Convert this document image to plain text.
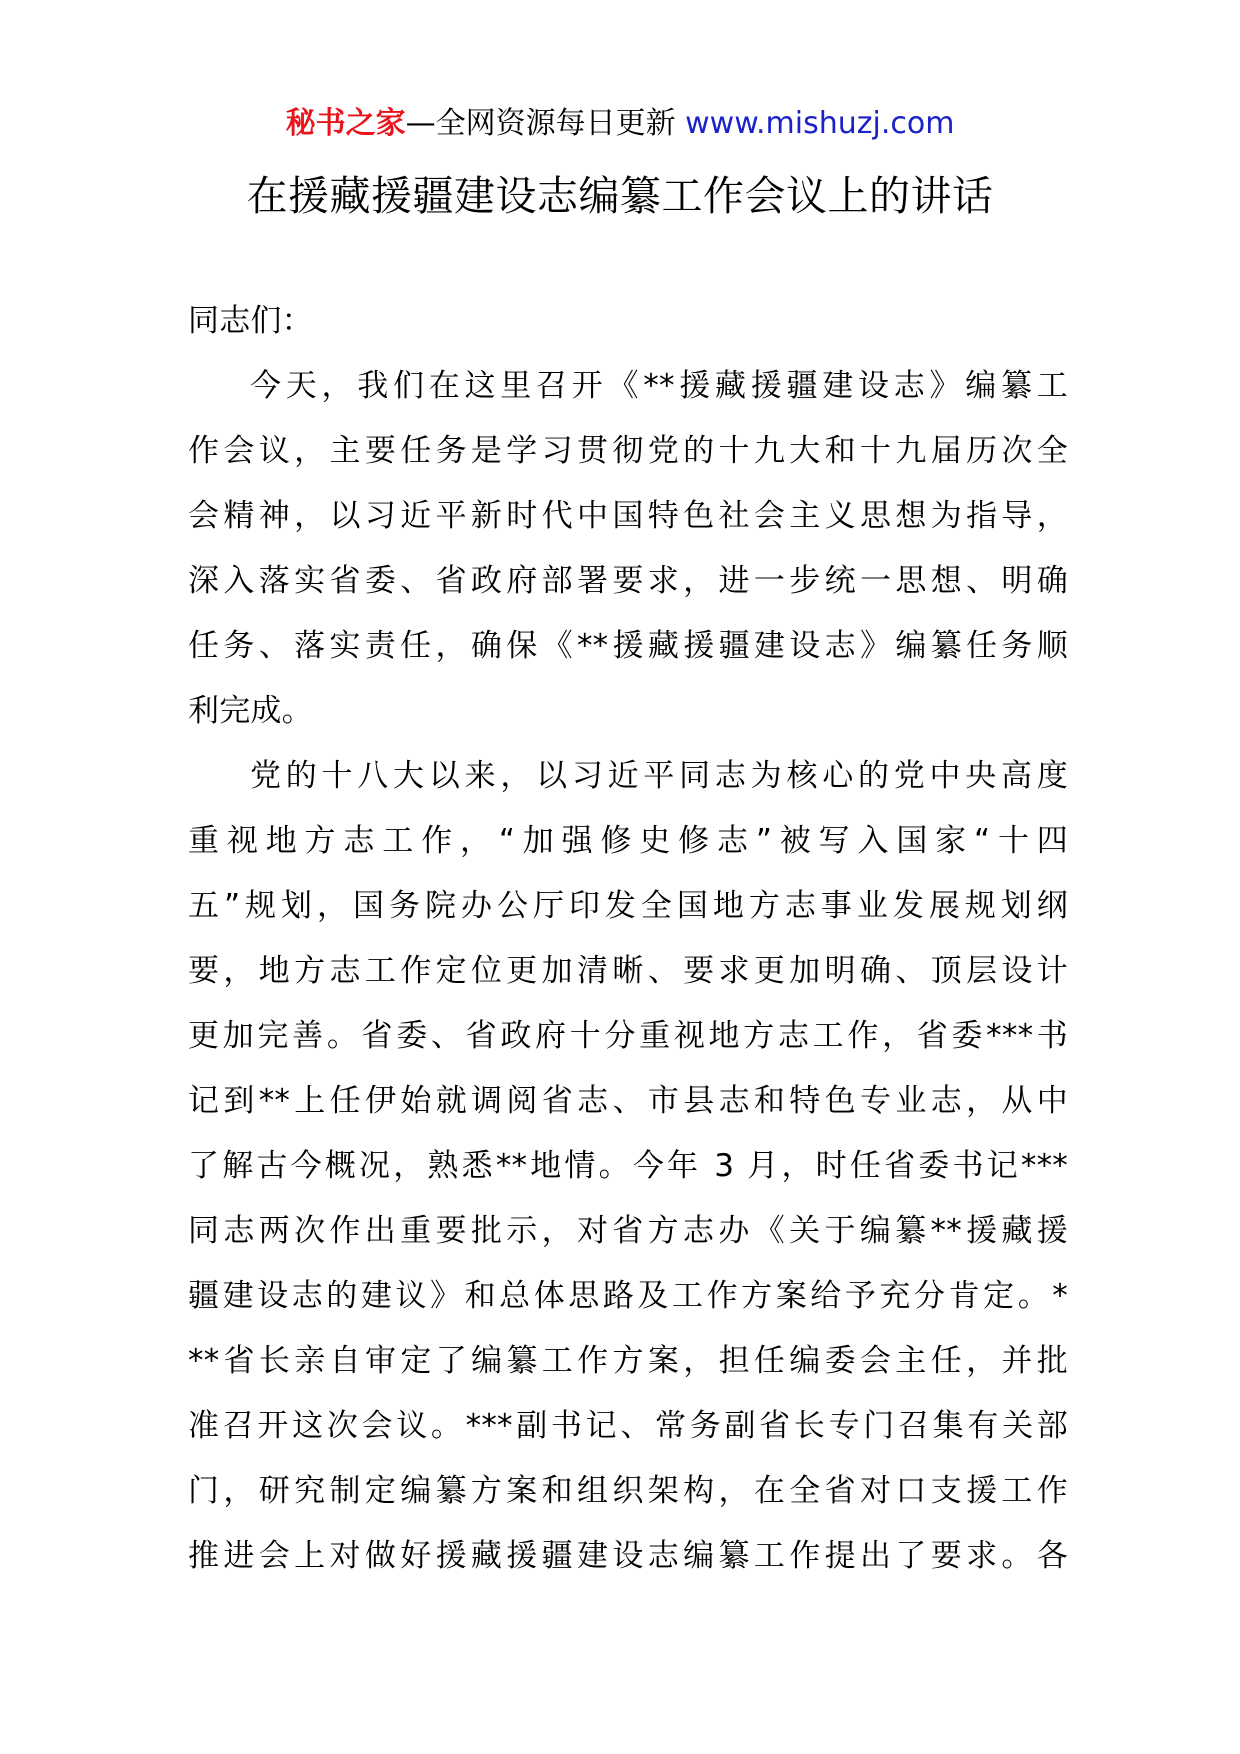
秘书之家—全网资源每日更新 www.mishuzj.com
在援藏援疆建设志编纂工作会议上的讲话
同志们：
今天，我们在这里召开《**援藏援疆建设志》编纂工
作会议，主要任务是学习贯彻党的十九大和十九届历次全
会精神，以习近平新时代中国特色社会主义思想为指导，
深入落实省委、省政府部署要求，进一步统一思想、明确
任务、落实责任，确保《**援藏援疆建设志》编纂任务顺
利完成。
党的十八大以来，以习近平同志为核心的党中央高度
重视地方志工作，“加强修史修志”被写入国家“十四
五”规划，国务院办公厅印发全国地方志事业发展规划纲
要，地方志工作定位更加清晰、要求更加明确、顶层设计
更加完善。省委、省政府十分重视地方志工作，省委***书
记到**上任伊始就调阅省志、市县志和特色专业志，从中
了解古今概况，熟悉**地情。今年 3 月，时任省委书记***
同志两次作出重要批示，对省方志办《关于编纂**援藏援
疆建设志的建议》和总体思路及工作方案给予充分肯定。*
**省长亲自审定了编纂工作方案，担任编委会主任，并批
准召开这次会议。***副书记、常务副省长专门召集有关部
门，研究制定编纂方案和组织架构，在全省对口支援工作
推进会上对做好援藏援疆建设志编纂工作提出了要求。各
